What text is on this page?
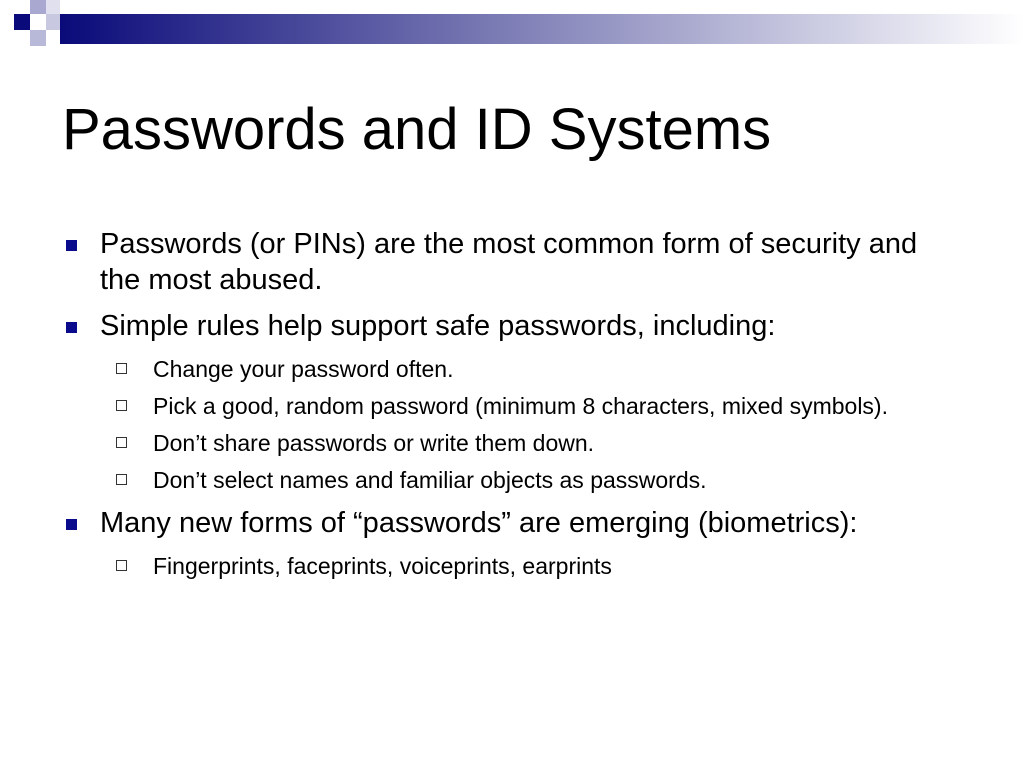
Passwords and ID Systems
Passwords (or PINs) are the most common form of security and the most abused.
Simple rules help support safe passwords, including:
Change your password often.
Pick a good, random password (minimum 8 characters, mixed symbols).
Don’t share passwords or write them down.
Don’t select names and familiar objects as passwords.
Many new forms of “passwords” are emerging (biometrics):
Fingerprints, faceprints, voiceprints, earprints
